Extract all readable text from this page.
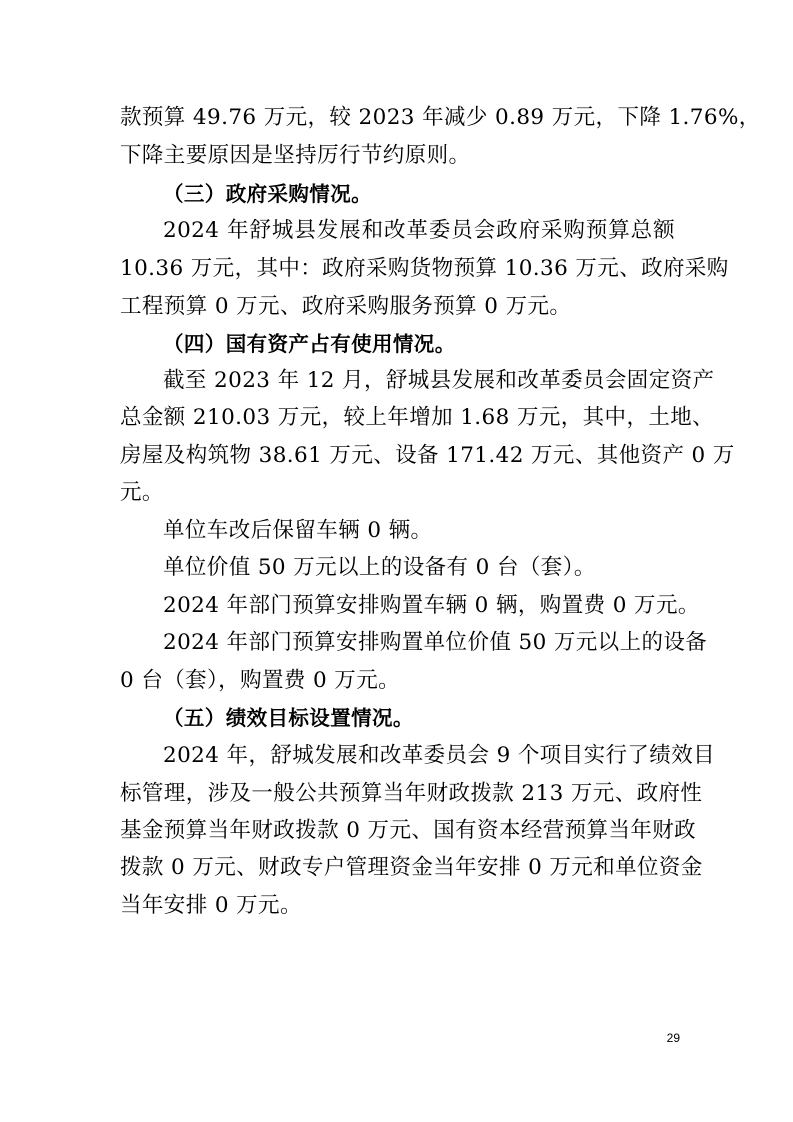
款预算 49.76 万元，较 2023 年减少 0.89 万元，下降 1.76%，
下降主要原因是坚持厉行节约原则。
（三）政府采购情况。
2024 年舒城县发展和改革委员会政府采购预算总额
10.36 万元，其中：政府采购货物预算 10.36 万元、政府采购
工程预算 0 万元、政府采购服务预算 0 万元。
（四）国有资产占有使用情况。
截至 2023 年 12 月，舒城县发展和改革委员会固定资产
总金额 210.03 万元，较上年增加 1.68 万元，其中，土地、
房屋及构筑物 38.61 万元、设备 171.42 万元、其他资产 0 万
元。
单位车改后保留车辆 0 辆。
单位价值 50 万元以上的设备有 0 台（套）。
2024 年部门预算安排购置车辆 0 辆，购置费 0 万元。
2024 年部门预算安排购置单位价值 50 万元以上的设备
0 台（套），购置费 0 万元。
（五）绩效目标设置情况。
2024 年，舒城发展和改革委员会 9 个项目实行了绩效目
标管理，涉及一般公共预算当年财政拨款 213 万元、政府性
基金预算当年财政拨款 0 万元、国有资本经营预算当年财政
拨款 0 万元、财政专户管理资金当年安排 0 万元和单位资金
当年安排 0 万元。
29
